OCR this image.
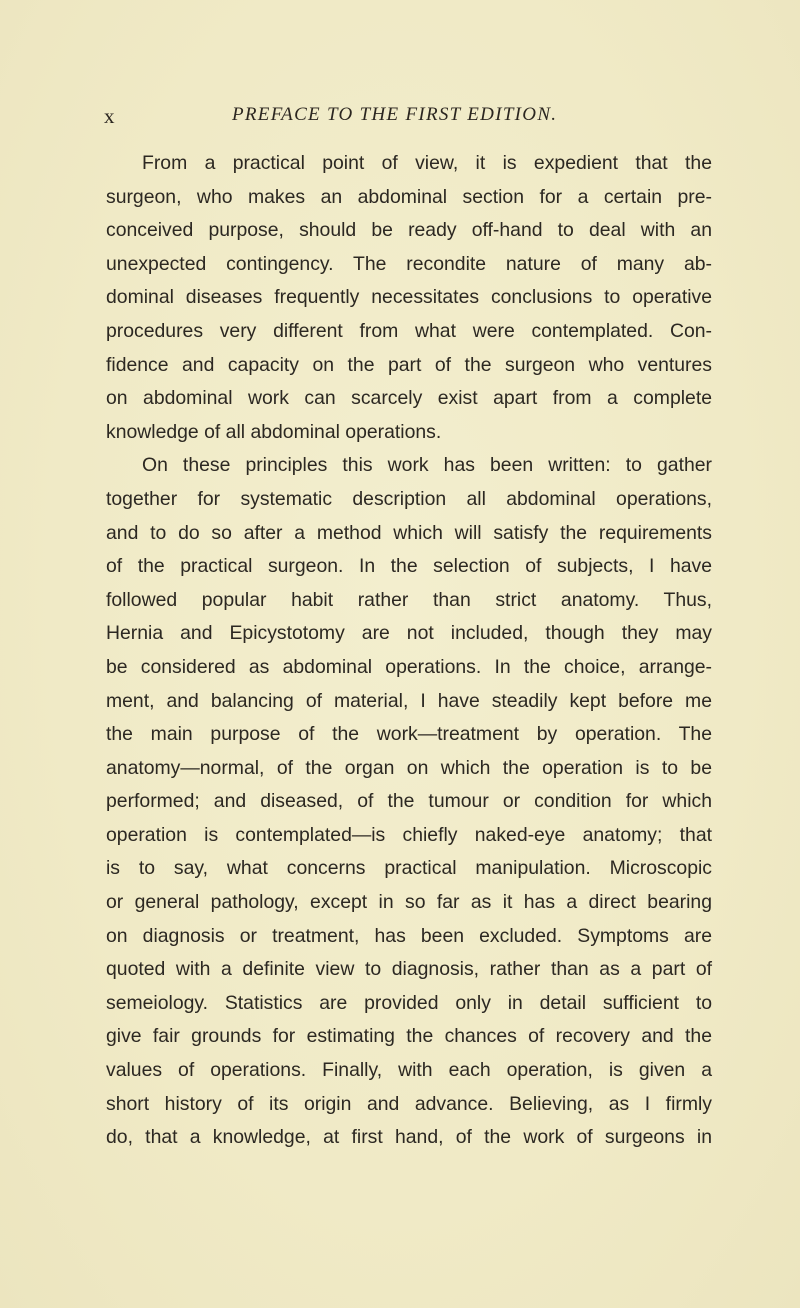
x	PREFACE TO THE FIRST EDITION.
From a practical point of view, it is expedient that the
surgeon, who makes an abdominal section for a certain pre-
conceived purpose, should be ready off-hand to deal with an
unexpected contingency. The recondite nature of many ab-
dominal diseases frequently necessitates conclusions to operative
procedures very different from what were contemplated. Con-
fidence and capacity on the part of the surgeon who ventures
on abdominal work can scarcely exist apart from a complete
knowledge of all abdominal operations.
On these principles this work has been written: to gather
together for systematic description all abdominal operations,
and to do so after a method which will satisfy the requirements
of the practical surgeon. In the selection of subjects, I have
followed popular habit rather than strict anatomy. Thus,
Hernia and Epicystotomy are not included, though they may
be considered as abdominal operations. In the choice, arrange-
ment, and balancing of material, I have steadily kept before me
the main purpose of the work—treatment by operation. The
anatomy—normal, of the organ on which the operation is to be
performed; and diseased, of the tumour or condition for which
operation is contemplated—is chiefly naked-eye anatomy; that
is to say, what concerns practical manipulation. Microscopic
or general pathology, except in so far as it has a direct bearing
on diagnosis or treatment, has been excluded. Symptoms are
quoted with a definite view to diagnosis, rather than as a part of
semeiology. Statistics are provided only in detail sufficient to
give fair grounds for estimating the chances of recovery and the
values of operations. Finally, with each operation, is given a
short history of its origin and advance. Believing, as I firmly
do, that a knowledge, at first hand, of the work of surgeons in
